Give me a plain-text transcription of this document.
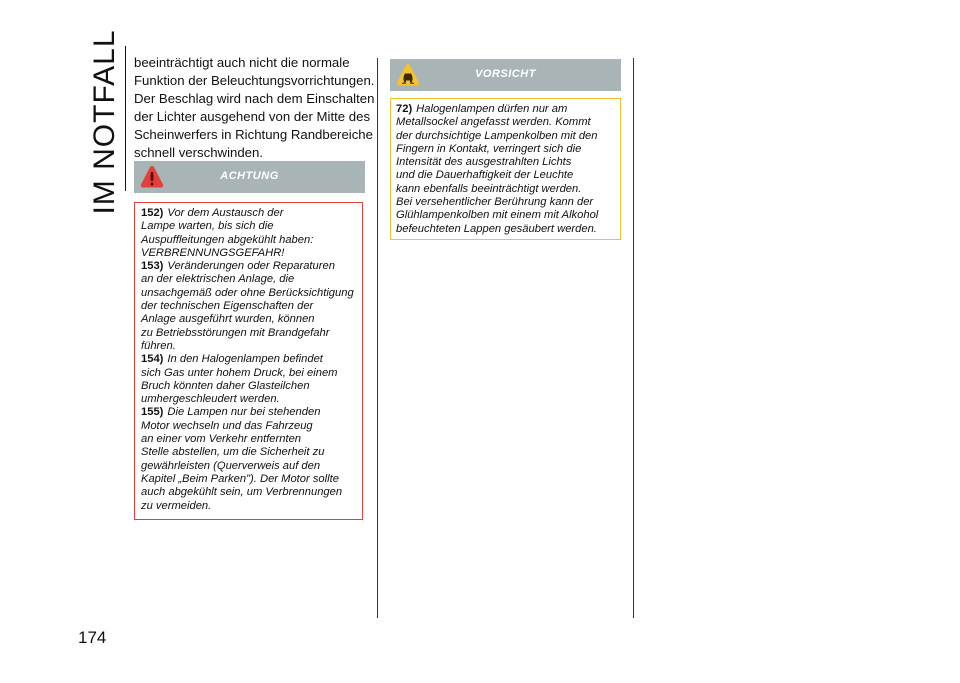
IM NOTFALL
174
beeinträchtigt auch nicht die normale
Funktion der Beleuchtungsvorrichtungen.
Der Beschlag wird nach dem Einschalten
der Lichter ausgehend von der Mitte des
Scheinwerfers in Richtung Randbereiche
schnell verschwinden.
ACHTUNG
152) Vor dem Austausch der
Lampe warten, bis sich die
Auspuffleitungen abgekühlt haben:
VERBRENNUNGSGEFAHR!
153) Veränderungen oder Reparaturen
an der elektrischen Anlage, die
unsachgemäß oder ohne Berücksichtigung
der technischen Eigenschaften der
Anlage ausgeführt wurden, können
zu Betriebsstörungen mit Brandgefahr
führen.
154) In den Halogenlampen befindet
sich Gas unter hohem Druck, bei einem
Bruch könnten daher Glasteilchen
umhergeschleudert werden.
155) Die Lampen nur bei stehenden
Motor wechseln und das Fahrzeug
an einer vom Verkehr entfernten
Stelle abstellen, um die Sicherheit zu
gewährleisten (Querverweis auf den
Kapitel „Beim Parken"). Der Motor sollte
auch abgekühlt sein, um Verbrennungen
zu vermeiden.
VORSICHT
72) Halogenlampen dürfen nur am
Metallsockel angefasst werden. Kommt
der durchsichtige Lampenkolben mit den
Fingern in Kontakt, verringert sich die
Intensität des ausgestrahlten Lichts
und die Dauerhaftigkeit der Leuchte
kann ebenfalls beeinträchtigt werden.
Bei versehentlicher Berührung kann der
Glühlampenkolben mit einem mit Alkohol
befeuchteten Lappen gesäubert werden.
